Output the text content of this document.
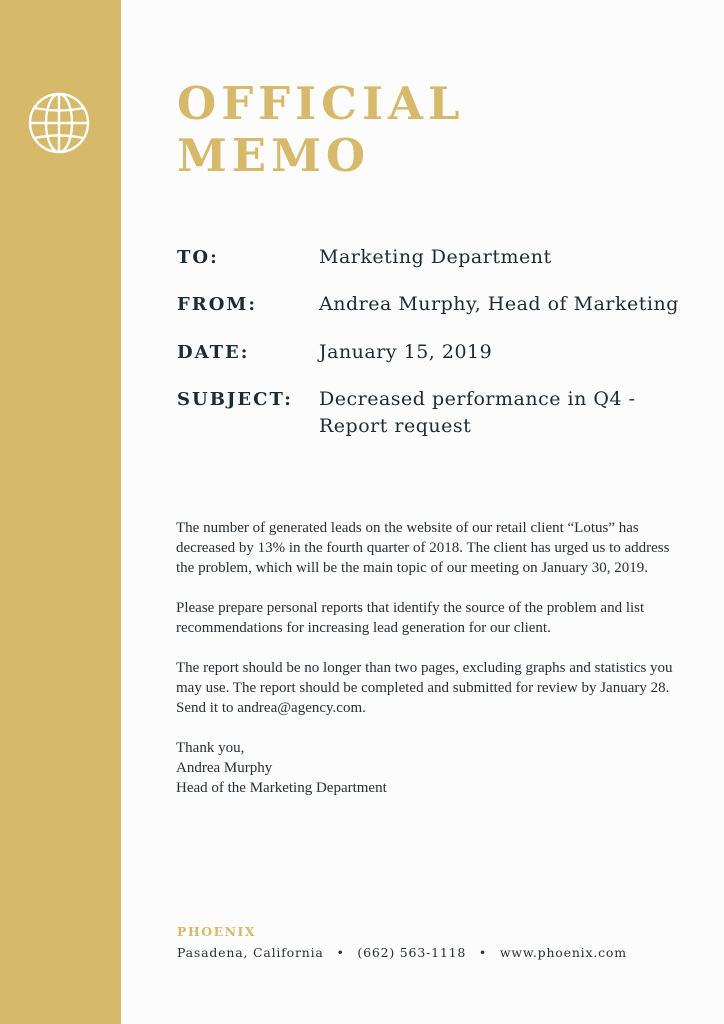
OFFICIAL
MEMO
TO:	Marketing Department
FROM:	Andrea Murphy, Head of Marketing
DATE:	January 15, 2019
SUBJECT: Decreased performance in Q4 - Report request

The number of generated leads on the website of our retail client “Lotus” has decreased by 13% in the fourth quarter of 2018. The client has urged us to address the problem, which will be the main topic of our meeting on January 30, 2019.

Please prepare personal reports that identify the source of the problem and list recommendations for increasing lead generation for our client.

The report should be no longer than two pages, excluding graphs and statistics you may use. The report should be completed and submitted for review by January 28. Send it to andrea@agency.com.

Thank you,
Andrea Murphy
Head of the Marketing Department
PHOENIX
Pasadena, California • (662) 563-1118 • www.phoenix.com
